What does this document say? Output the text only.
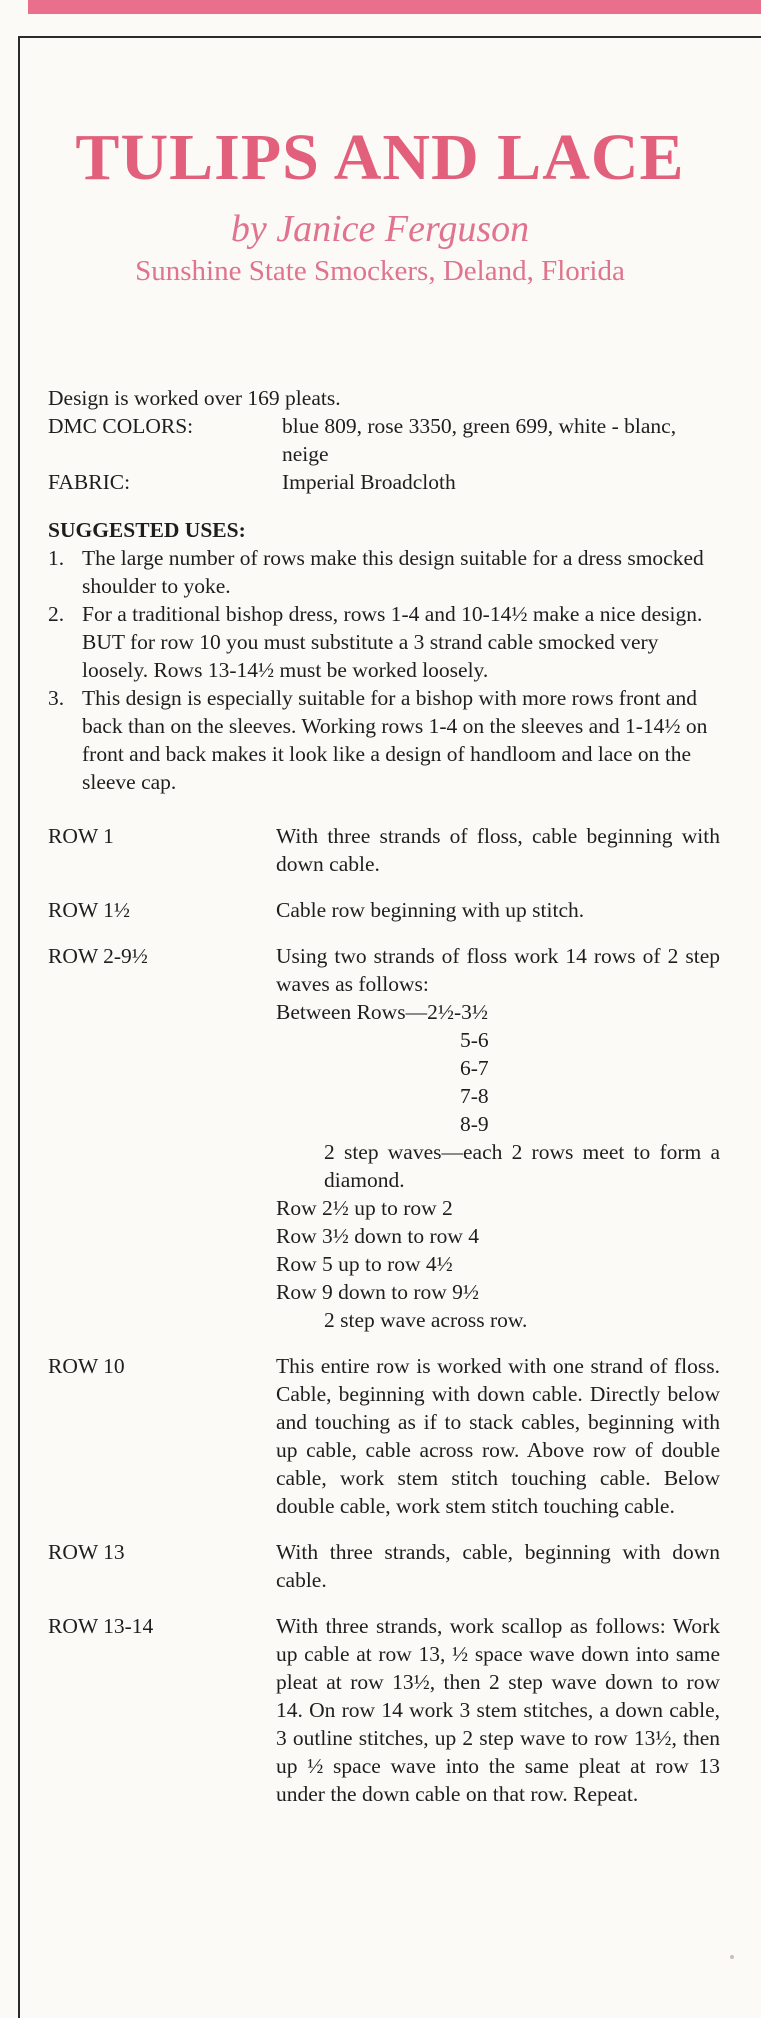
TULIPS AND LACE
by Janice Ferguson
Sunshine State Smockers, Deland, Florida
Design is worked over 169 pleats.
DMC COLORS:	blue 809, rose 3350, green 699, white - blanc, neige
FABRIC:	Imperial Broadcloth
SUGGESTED USES:
1. The large number of rows make this design suitable for a dress smocked shoulder to yoke.
2. For a traditional bishop dress, rows 1-4 and 10-14½ make a nice design. BUT for row 10 you must substitute a 3 strand cable smocked very loosely. Rows 13-14½ must be worked loosely.
3. This design is especially suitable for a bishop with more rows front and back than on the sleeves. Working rows 1-4 on the sleeves and 1-14½ on front and back makes it look like a design of handloom and lace on the sleeve cap.
ROW 1	With three strands of floss, cable beginning with down cable.
ROW 1½	Cable row beginning with up stitch.
ROW 2-9½	Using two strands of floss work 14 rows of 2 step waves as follows:
Between Rows—2½-3½
5-6
6-7
7-8
8-9
2 step waves—each 2 rows meet to form a diamond.
Row 2½ up to row 2
Row 3½ down to row 4
Row 5 up to row 4½
Row 9 down to row 9½
2 step wave across row.
ROW 10	This entire row is worked with one strand of floss. Cable, beginning with down cable. Directly below and touching as if to stack cables, beginning with up cable, cable across row. Above row of double cable, work stem stitch touching cable. Below double cable, work stem stitch touching cable.
ROW 13	With three strands, cable, beginning with down cable.
ROW 13-14	With three strands, work scallop as follows: Work up cable at row 13, ½ space wave down into same pleat at row 13½, then 2 step wave down to row 14. On row 14 work 3 stem stitches, a down cable, 3 outline stitches, up 2 step wave to row 13½, then up ½ space wave into the same pleat at row 13 under the down cable on that row. Repeat.
